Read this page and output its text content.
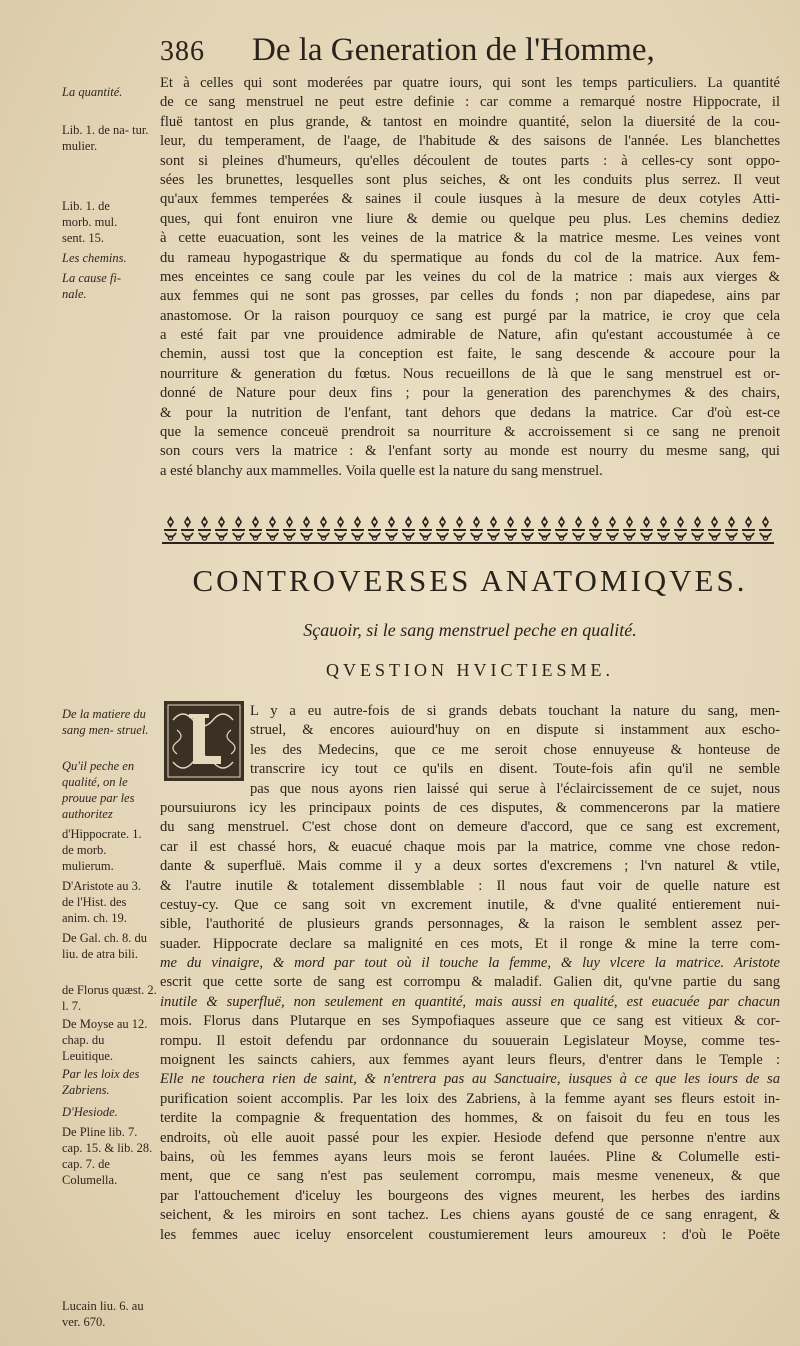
386 De la Generation de l'Homme,
La quantité.
Lib. 1. de na- tur. mulier.
Lib. 1. de morb. mul. sent. 15.
Les chemins.
La cause fi- nale.
Et à celles qui sont moderées par quatre iours, qui sont les temps particuliers. La quantité
de ce sang menstruel ne peut estre definie : car comme a remarqué nostre Hippocrate, il
fluë tantost en plus grande, & tantost en moindre quantité, selon la diuersité de la cou-
leur, du temperament, de l'aage, de l'habitude & des saisons de l'année. Les blanchettes
sont si pleines d'humeurs, qu'elles découlent de toutes parts : à celles-cy sont oppo-
sées les brunettes, lesquelles sont plus seiches, & ont les conduits plus serrez. Il veut
qu'aux femmes temperées & saines il coule iusques à la mesure de deux cotyles Atti-
ques, qui font enuiron vne liure & demie ou quelque peu plus. Les chemins dediez
à cette euacuation, sont les veines de la matrice & la matrice mesme. Les veines vont
du rameau hypogastrique & du spermatique au fonds du col de la matrice. Aux fem-
mes enceintes ce sang coule par les veines du col de la matrice : mais aux vierges &
aux femmes qui ne sont pas grosses, par celles du fonds ; non par diapedese, ains par
anastomose. Or la raison pourquoy ce sang est purgé par la matrice, ie croy que cela
a esté fait par vne prouidence admirable de Nature, afin qu'estant accoustumée à ce
chemin, aussi tost que la conception est faite, le sang descende & accoure pour la
nourriture & generation du fœtus. Nous recueillons de là que le sang menstruel est or-
donné de Nature pour deux fins ; pour la generation des parenchymes & des chairs,
& pour la nutrition de l'enfant, tant dehors que dedans la matrice. Car d'où est-ce
que la semence conceuë prendroit sa nourriture & accroissement si ce sang ne prenoit
son cours vers la matrice : & l'enfant sorty au monde est nourry du mesme sang, qui
a esté blanchy aux mammelles. Voila quelle est la nature du sang menstruel.
CONTROVERSES ANATOMIQVES.
Sçauoir, si le sang menstruel peche en qualité.
QVESTION HVICTIESME.
De la matiere du sang men- struel.
Qu'il peche en qualité, on le prouue par les authoritez
d'Hippocrate. 1. de morb. mulierum.
D'Aristote au 3. de l'Hist. des anim. ch. 19.
De Gal. ch. 8. du liu. de atra bili.
de Florus quæst. 2. l. 7.
De Moyse au 12. chap. du Leuitique.
Par les loix des Zabriens.
D'Hesiode.
De Pline lib. 7. cap. 15. & lib. 28. cap. 7. de Columella.
Lucain liu. 6. au ver. 670.
L y a eu autre-fois de si grands debats touchant la nature du sang, men-
struel, & encores auiourd'huy on en dispute si instamment aux escho-
les des Medecins, que ce me seroit chose ennuyeuse & honteuse de
transcrire icy tout ce qu'ils en disent. Toute-fois afin qu'il ne semble
pas que nous ayons rien laissé qui serue à l'éclaircissement de ce sujet, nous
poursuiurons icy les principaux points de ces disputes, & commencerons par la matiere
du sang menstruel. C'est chose dont on demeure d'accord, que ce sang est excrement,
car il est chassé hors, & euacué chaque mois par la matrice, comme vne chose redon-
dante & superfluë. Mais comme il y a deux sortes d'excremens ; l'vn naturel & vtile,
& l'autre inutile & totalement dissemblable : Il nous faut voir de quelle nature est
cestuy-cy. Que ce sang soit vn excrement inutile, & d'vne qualité entierement nui-
sible, l'authorité de plusieurs grands personnages, & la raison le semblent assez per-
suader. Hippocrate declare sa malignité en ces mots, Et il ronge & mine la terre com-
me du vinaigre, & mord par tout où il touche la femme, & luy vlcere la matrice. Aristote
escrit que cette sorte de sang est corrompu & maladif. Galien dit, qu'vne partie du sang
inutile & superfluë, non seulement en quantité, mais aussi en qualité, est euacuée par chacun
mois. Florus dans Plutarque en ses Sympofiaques asseure que ce sang est vitieux & cor-
rompu. Il estoit defendu par ordonnance du souuerain Legislateur Moyse, comme tes-
moignent les saincts cahiers, aux femmes ayant leurs fleurs, d'entrer dans le Temple :
Elle ne touchera rien de saint, & n'entrera pas au Sanctuaire, iusques à ce que les iours de sa
purification soient accomplis. Par les loix des Zabriens, à la femme ayant ses fleurs estoit in-
terdite la compagnie & frequentation des hommes, & on faisoit du feu en tous les
endroits, où elle auoit passé pour les expier. Hesiode defend que personne n'entre aux
bains, où les femmes ayans leurs mois se feront lauées. Pline & Columelle esti-
ment, que ce sang n'est pas seulement corrompu, mais mesme veneneux, & que
par l'attouchement d'iceluy les bourgeons des vignes meurent, les herbes des iardins
seichent, & les miroirs en sont tachez. Les chiens ayans gousté de ce sang enragent, &
les femmes auec iceluy ensorcelent coustumierement leurs amoureux : d'où le Poëte
